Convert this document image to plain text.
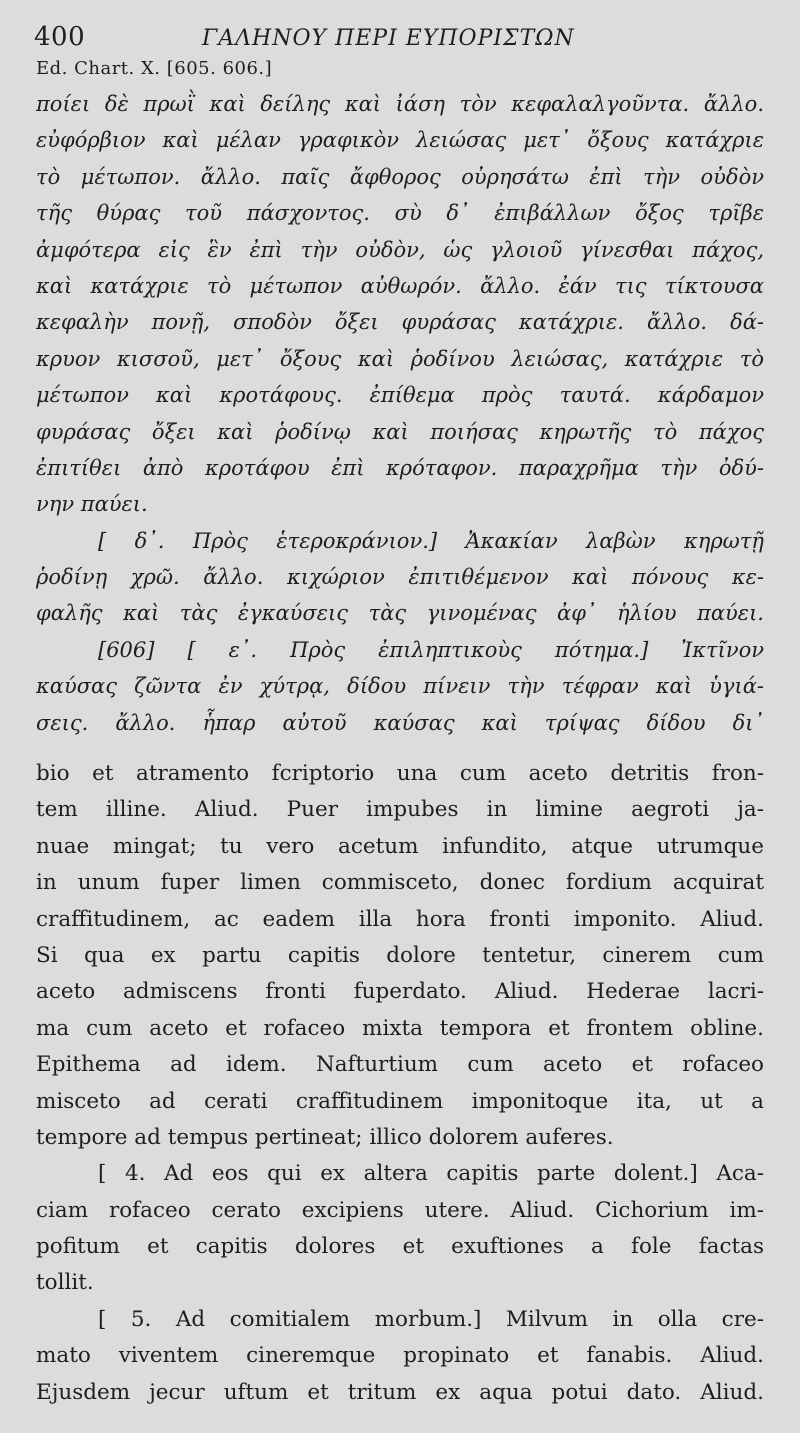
400	ΓΑΛΗΝΟΥ ΠΕΡΙ ΕΥΠΟΡΙΣΤΩΝ
Ed. Chart. X. [605. 606.]
ποίει δὲ πρωῒ καὶ δείλης καὶ ἰάση τὸν κεφαλαλγοῦντα. ἄλλο.
εὐφόρβιον καὶ μέλαν γραφικὸν λειώσας μετ᾽ ὄξους κατάχριε
τὸ μέτωπον. ἄλλο. παῖς ἄφθορος οὐρησάτω ἐπὶ τὴν οὐδὸν
τῆς θύρας τοῦ πάσχοντος. σὺ δ᾽ ἐπιβάλλων ὄξος τρῖβε
ἀμφότερα εἰς ἓν ἐπὶ τὴν οὐδὸν, ὡς γλοιοῦ γίνεσθαι πάχος,
καὶ κατάχριε τὸ μέτωπον αὐθωρόν. ἄλλο. ἐάν τις τίκτουσα
κεφαλὴν πονῇ, σποδὸν ὄξει φυράσας κατάχριε. ἄλλο. δά-
κρυον κισσοῦ, μετ᾽ ὄξους καὶ ῥοδίνου λειώσας, κατάχριε τὸ
μέτωπον καὶ κροτάφους. ἐπίθεμα πρὸς ταυτά. κάρδαμον
φυράσας ὄξει καὶ ῥοδίνῳ καὶ ποιήσας κηρωτῆς τὸ πάχος
ἐπιτίθει ἀπὸ κροτάφου ἐπὶ κρόταφον. παραχρῆμα τὴν ὀδύ-
νην παύει.
[ δ᾽. Πρὸς ἑτεροκράνιον.] Ἀκακίαν λαβὼν κηρωτῇ
ῥοδίνῃ χρῶ. ἄλλο. κιχώριον ἐπιτιθέμενον καὶ πόνους κε-
φαλῆς καὶ τὰς ἐγκαύσεις τὰς γινομένας ἀφ᾽ ἡλίου παύει.
[606] [ ε᾽. Πρὸς ἐπιληπτικοὺς πότημα.] Ἰκτῖνον
καύσας ζῶντα ἐν χύτρᾳ, δίδου πίνειν τὴν τέφραν καὶ ὑγιά-
σεις. ἄλλο. ἧπαρ αὐτοῦ καύσας καὶ τρίψας δίδου δι᾽
bio et atramento fcriptorio una cum aceto detritis fron-
tem illine. Aliud. Puer impubes in limine aegroti ja-
nuae mingat; tu vero acetum infundito, atque utrumque
in unum fuper limen commisceto, donec fordium acquirat
craffitudinem, ac eadem illa hora fronti imponito. Aliud.
Si qua ex partu capitis dolore tentetur, cinerem cum
aceto admiscens fronti fuperdato. Aliud. Hederae lacri-
ma cum aceto et rofaceo mixta tempora et frontem obline.
Epithema ad idem. Nafturtium cum aceto et rofaceo
misceto ad cerati craffitudinem imponitoque ita, ut a
tempore ad tempus pertineat; illico dolorem auferes.
[ 4. Ad eos qui ex altera capitis parte dolent.] Aca-
ciam rofaceo cerato excipiens utere. Aliud. Cichorium im-
pofitum et capitis dolores et exuftiones a fole factas
tollit.
[ 5. Ad comitialem morbum.] Milvum in olla cre-
mato viventem cineremque propinato et fanabis. Aliud.
Ejusdem jecur uftum et tritum ex aqua potui dato. Aliud.
